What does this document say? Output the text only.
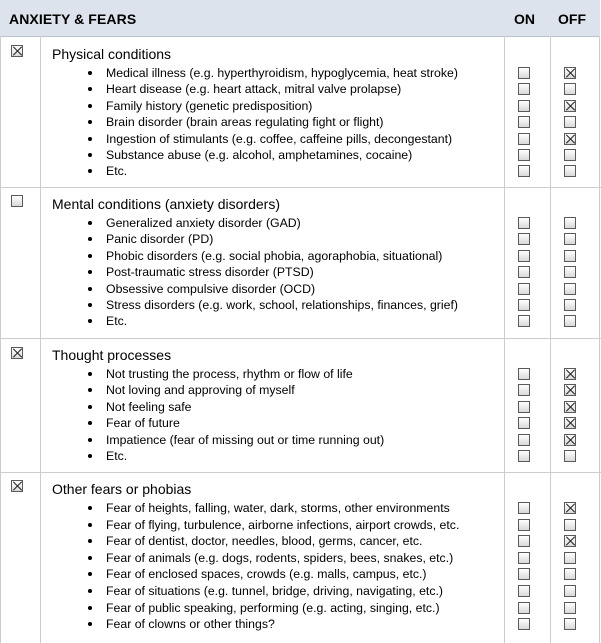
ANXIETY & FEARS	ON OFF
Physical conditions
Medical illness (e.g. hyperthyroidism, hypoglycemia, heat stroke)
Heart disease (e.g. heart attack, mitral valve prolapse)
Family history (genetic predisposition)
Brain disorder (brain areas regulating fight or flight)
Ingestion of stimulants (e.g. coffee, caffeine pills, decongestant)
Substance abuse (e.g. alcohol, amphetamines, cocaine)
Etc.
Mental conditions (anxiety disorders)
Generalized anxiety disorder (GAD)
Panic disorder (PD)
Phobic disorders (e.g. social phobia, agoraphobia, situational)
Post-traumatic stress disorder (PTSD)
Obsessive compulsive disorder (OCD)
Stress disorders (e.g. work, school, relationships, finances, grief)
Etc.
Thought processes
Not trusting the process, rhythm or flow of life
Not loving and approving of myself
Not feeling safe
Fear of future
Impatience (fear of missing out or time running out)
Etc.
Other fears or phobias
Fear of heights, falling, water, dark, storms, other environments
Fear of flying, turbulence, airborne infections, airport crowds, etc.
Fear of dentist, doctor, needles, blood, germs, cancer, etc.
Fear of animals (e.g. dogs, rodents, spiders, bees, snakes, etc.)
Fear of enclosed spaces, crowds (e.g. malls, campus, etc.)
Fear of situations (e.g. tunnel, bridge, driving, navigating, etc.)
Fear of public speaking, performing (e.g. acting, singing, etc.)
Fear of clowns or other things?
